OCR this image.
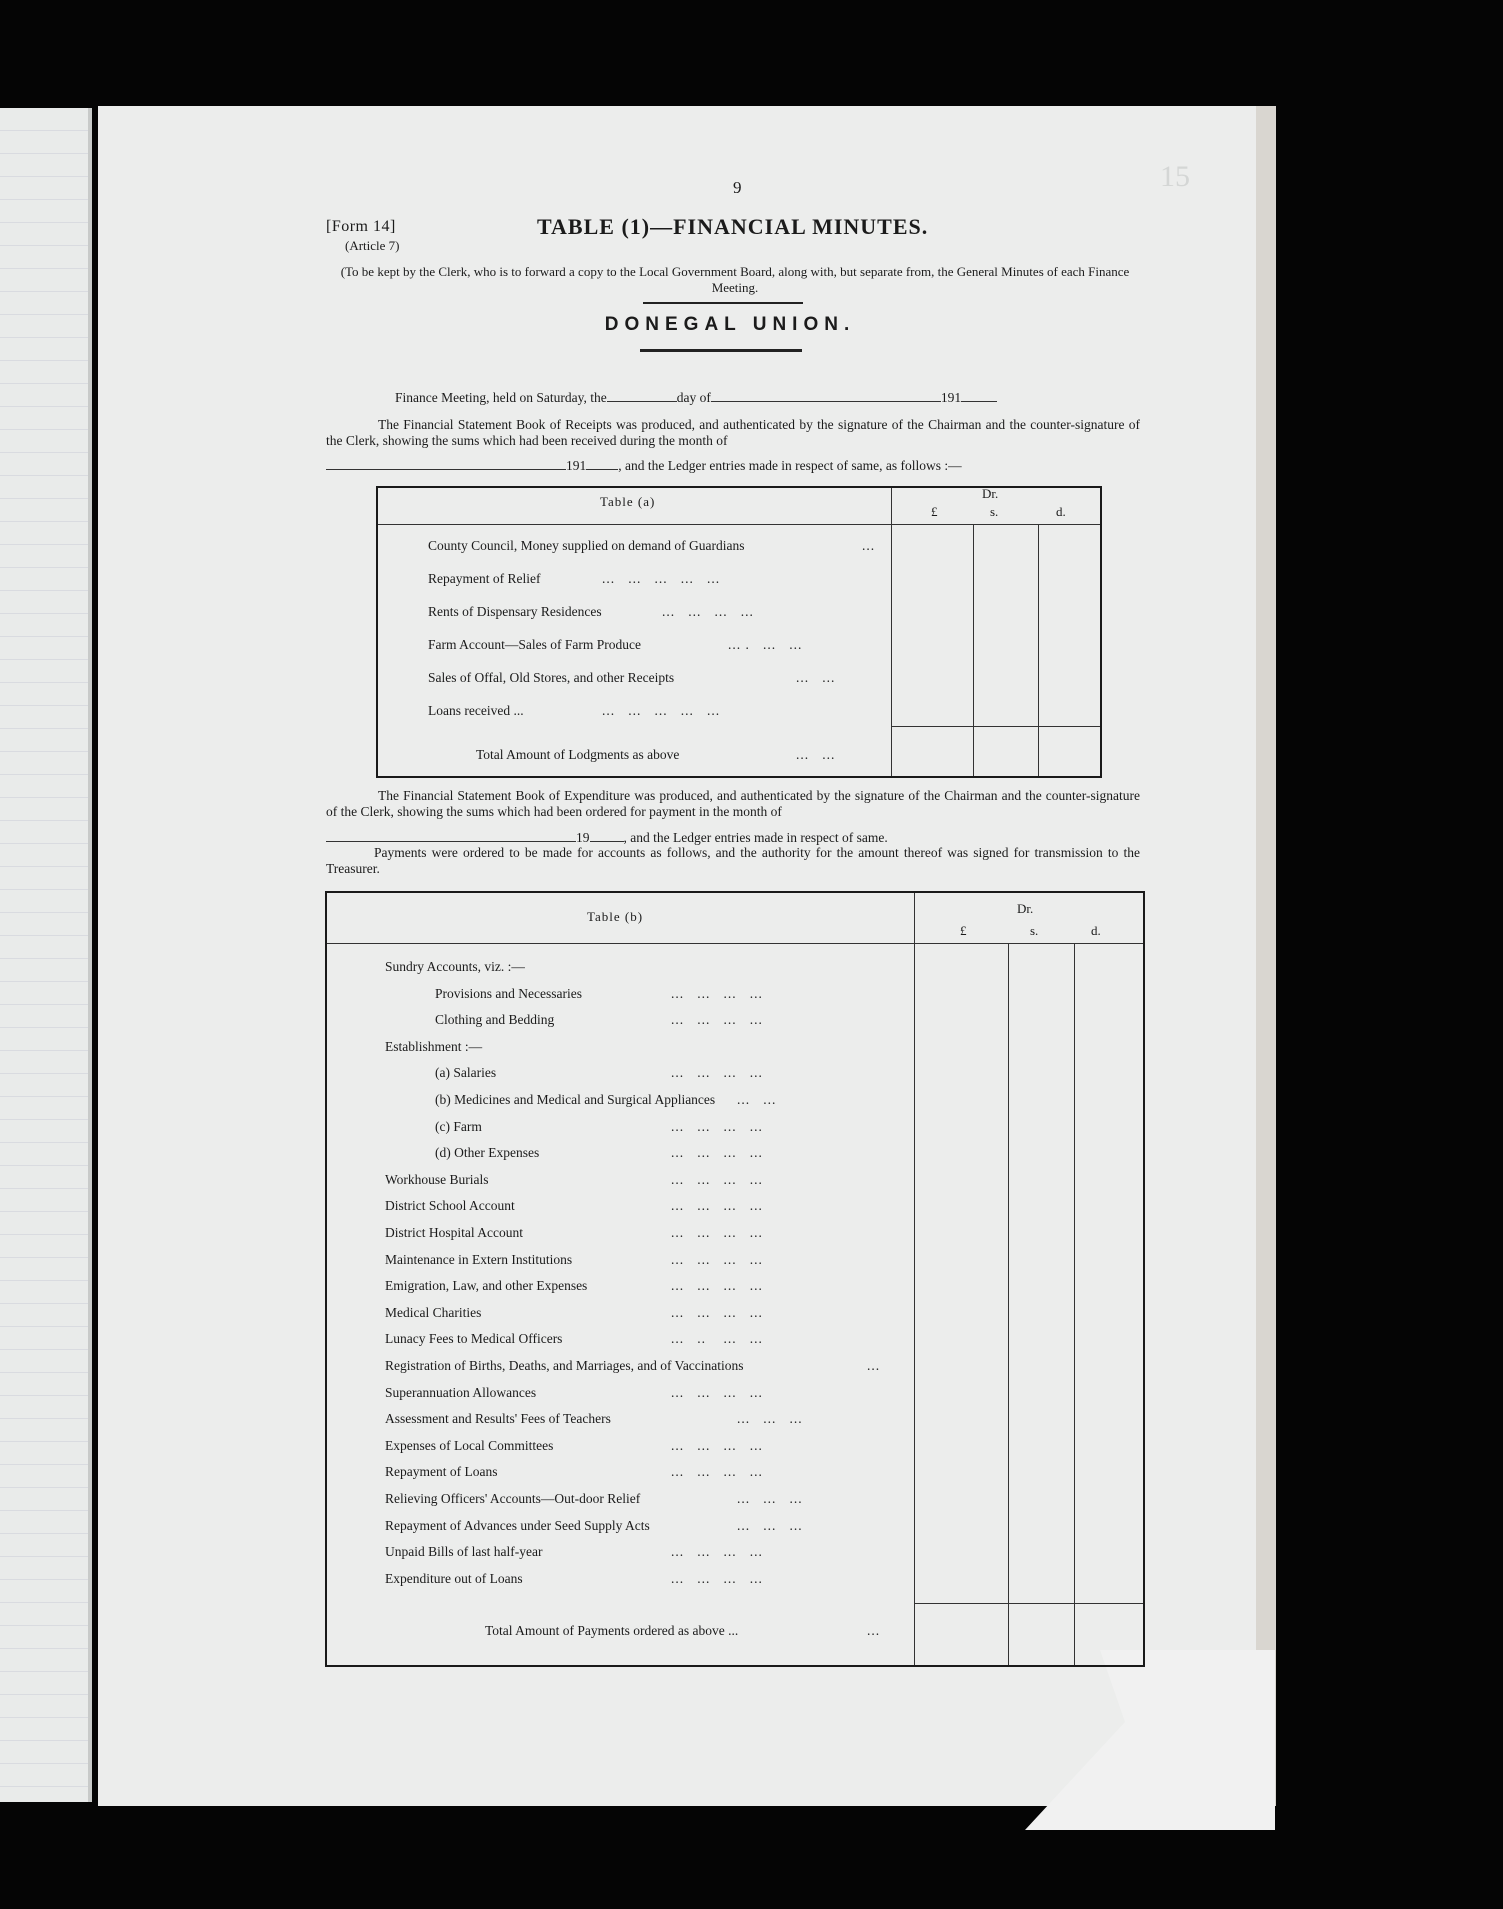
9	15
[Form 14]
(Article 7)
TABLE (1)—FINANCIAL MINUTES.
(To be kept by the Clerk, who is to forward a copy to the Local Government Board, along with, but separate from, the General Minutes of each Finance Meeting.
DONEGAL UNION.
Finance Meeting, held on Saturday, the	day of	191
The Financial Statement Book of Receipts was produced, and authenticated by the signature of the Chairman and the counter-signature of the Clerk, showing the sums which had been received during the month of
191 , and the Ledger entries made in respect of same, as follows :—
Table (a)
Dr.
£	s.	d.
County Council, Money supplied on demand of Guardians	...
Repayment of Relief	...   ...   ...   ...   ...
Rents of Dispensary Residences	...   ...   ...   ...
Farm Account—Sales of Farm Produce	... .   ...   ...
Sales of Offal, Old Stores, and other Receipts	...   ...
Loans received ...	...   ...   ...   ...   ...
Total Amount of Lodgments as above	...   ...
The Financial Statement Book of Expenditure was produced, and authenticated by the signature of the Chairman and the counter-signature of the Clerk, showing the sums which had been ordered for payment in the month of
19	, and the Ledger entries made in respect of same.
Payments were ordered to be made for accounts as follows, and the authority for the amount thereof was signed for transmission to the Treasurer.
Table (b)
Dr.
£	s.	d.
Sundry Accounts, viz. :—
Provisions and Necessaries	...   ...   ...   ...
Clothing and Bedding	...   ...   ...   ...
Establishment :—
(a) Salaries	...   ...   ...   ...
(b) Medicines and Medical and Surgical Appliances ...   ...
(c) Farm	...   ...   ...   ...
(d) Other Expenses	...   ...   ...   ...
Workhouse Burials	...   ...   ...   ...
District School Account	...   ...   ...   ...
District Hospital Account	...   ...   ...   ...
Maintenance in Extern Institutions	...   ...   ...   ...
Emigration, Law, and other Expenses	...   ...   ...   ...
Medical Charities	...   ...   ...   ...
Lunacy Fees to Medical Officers	...   ..    ...   ...
Registration of Births, Deaths, and Marriages, and of Vaccinations	...
Superannuation Allowances	...   ...   ...   ...
Assessment and Results' Fees of Teachers	...   ...   ...
Expenses of Local Committees	...   ...   ...   ...
Repayment of Loans	...   ...   ...   ...
Relieving Officers' Accounts—Out-door Relief	...   ...   ...
Repayment of Advances under Seed Supply Acts	...   ...   ...
Unpaid Bills of last half-year	...   ...   ...   ...
Expenditure out of Loans	...   ...   ...   ...
Total Amount of Payments ordered as above ...	...
